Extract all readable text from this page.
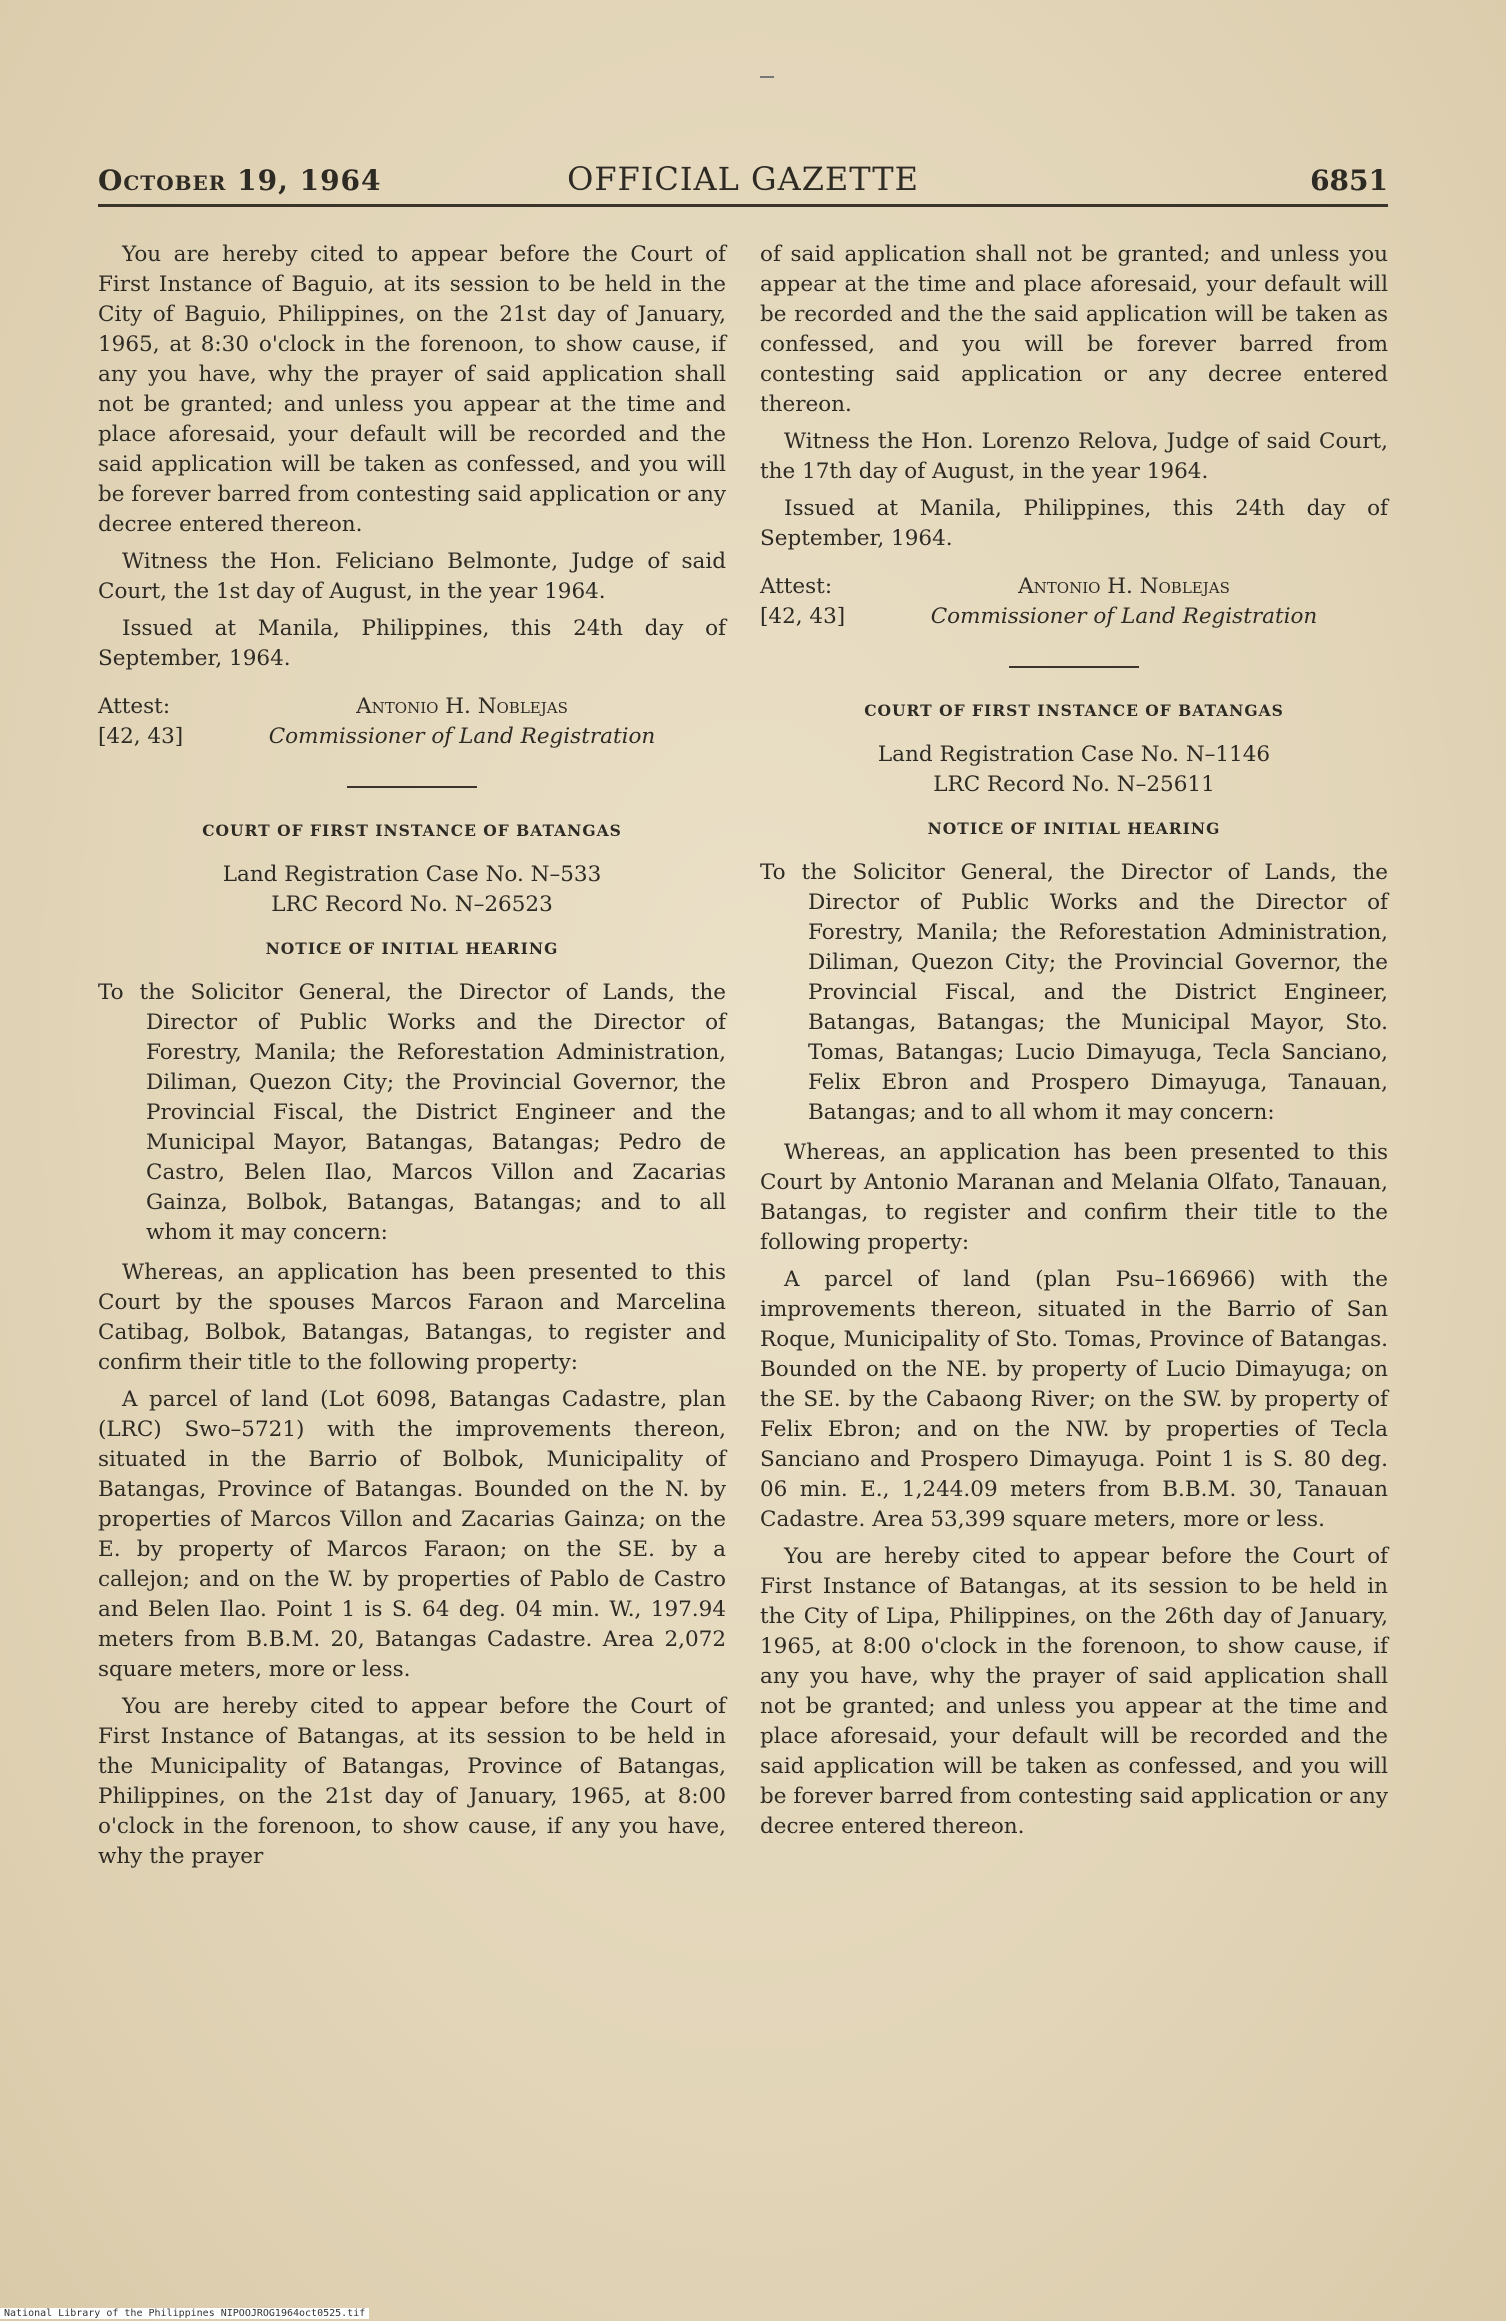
October 19, 1964	OFFICIAL GAZETTE	6851

You are hereby cited to appear before the Court of First Instance of Baguio, at its session to be held in the City of Baguio, Philippines, on the 21st day of January, 1965, at 8:30 o'clock in the forenoon, to show cause, if any you have, why the prayer of said application shall not be granted; and unless you appear at the time and place aforesaid, your default will be recorded and the said application will be taken as confessed, and you will be forever barred from contesting said application or any decree entered thereon.

Witness the Hon. Feliciano Belmonte, Judge of said Court, the 1st day of August, in the year 1964.

Issued at Manila, Philippines, this 24th day of September, 1964.

Attest:	Antonio H. Noblejas
[42, 43]	Commissioner of Land Registration
COURT OF FIRST INSTANCE OF BATANGAS
Land Registration Case No. N–533
LRC Record No. N–26523
NOTICE OF INITIAL HEARING
To the Solicitor General, the Director of Lands, the Director of Public Works and the Director of Forestry, Manila; the Reforestation Administration, Diliman, Quezon City; the Provincial Governor, the Provincial Fiscal, the District Engineer and the Municipal Mayor, Batangas, Batangas; Pedro de Castro, Belen Ilao, Marcos Villon and Zacarias Gainza, Bolbok, Batangas, Batangas; and to all whom it may concern:

Whereas, an application has been presented to this Court by the spouses Marcos Faraon and Marcelina Catibag, Bolbok, Batangas, Batangas, to register and confirm their title to the following property:

A parcel of land (Lot 6098, Batangas Cadastre, plan (LRC) Swo–5721) with the improvements thereon, situated in the Barrio of Bolbok, Municipality of Batangas, Province of Batangas. Bounded on the N. by properties of Marcos Villon and Zacarias Gainza; on the E. by property of Marcos Faraon; on the SE. by a callejon; and on the W. by properties of Pablo de Castro and Belen Ilao. Point 1 is S. 64 deg. 04 min. W., 197.94 meters from B.B.M. 20, Batangas Cadastre. Area 2,072 square meters, more or less.

You are hereby cited to appear before the Court of First Instance of Batangas, at its session to be held in the Municipality of Batangas, Province of Batangas, Philippines, on the 21st day of January, 1965, at 8:00 o'clock in the forenoon, to show cause, if any you have, why the prayer

of said application shall not be granted; and unless you appear at the time and place aforesaid, your default will be recorded and the the said application will be taken as confessed, and you will be forever barred from contesting said application or any decree entered thereon.

Witness the Hon. Lorenzo Relova, Judge of said Court, the 17th day of August, in the year 1964.

Issued at Manila, Philippines, this 24th day of September, 1964.

Attest:	Antonio H. Noblejas
[42, 43]	Commissioner of Land Registration
COURT OF FIRST INSTANCE OF BATANGAS
Land Registration Case No. N–1146
LRC Record No. N–25611
NOTICE OF INITIAL HEARING
To the Solicitor General, the Director of Lands, the Director of Public Works and the Director of Forestry, Manila; the Reforestation Administration, Diliman, Quezon City; the Provincial Governor, the Provincial Fiscal, and the District Engineer, Batangas, Batangas; the Municipal Mayor, Sto. Tomas, Batangas; Lucio Dimayuga, Tecla Sanciano, Felix Ebron and Prospero Dimayuga, Tanauan, Batangas; and to all whom it may concern:

Whereas, an application has been presented to this Court by Antonio Maranan and Melania Olfato, Tanauan, Batangas, to register and confirm their title to the following property:

A parcel of land (plan Psu–166966) with the improvements thereon, situated in the Barrio of San Roque, Municipality of Sto. Tomas, Province of Batangas. Bounded on the NE. by property of Lucio Dimayuga; on the SE. by the Cabaong River; on the SW. by property of Felix Ebron; and on the NW. by properties of Tecla Sanciano and Prospero Dimayuga. Point 1 is S. 80 deg. 06 min. E., 1,244.09 meters from B.B.M. 30, Tanauan Cadastre. Area 53,399 square meters, more or less.

You are hereby cited to appear before the Court of First Instance of Batangas, at its session to be held in the City of Lipa, Philippines, on the 26th day of January, 1965, at 8:00 o'clock in the forenoon, to show cause, if any you have, why the prayer of said application shall not be granted; and unless you appear at the time and place aforesaid, your default will be recorded and the said application will be taken as confessed, and you will be forever barred from contesting said application or any decree entered thereon.

National Library of the Philippines NIPOOJROG1964oct0525.tif
